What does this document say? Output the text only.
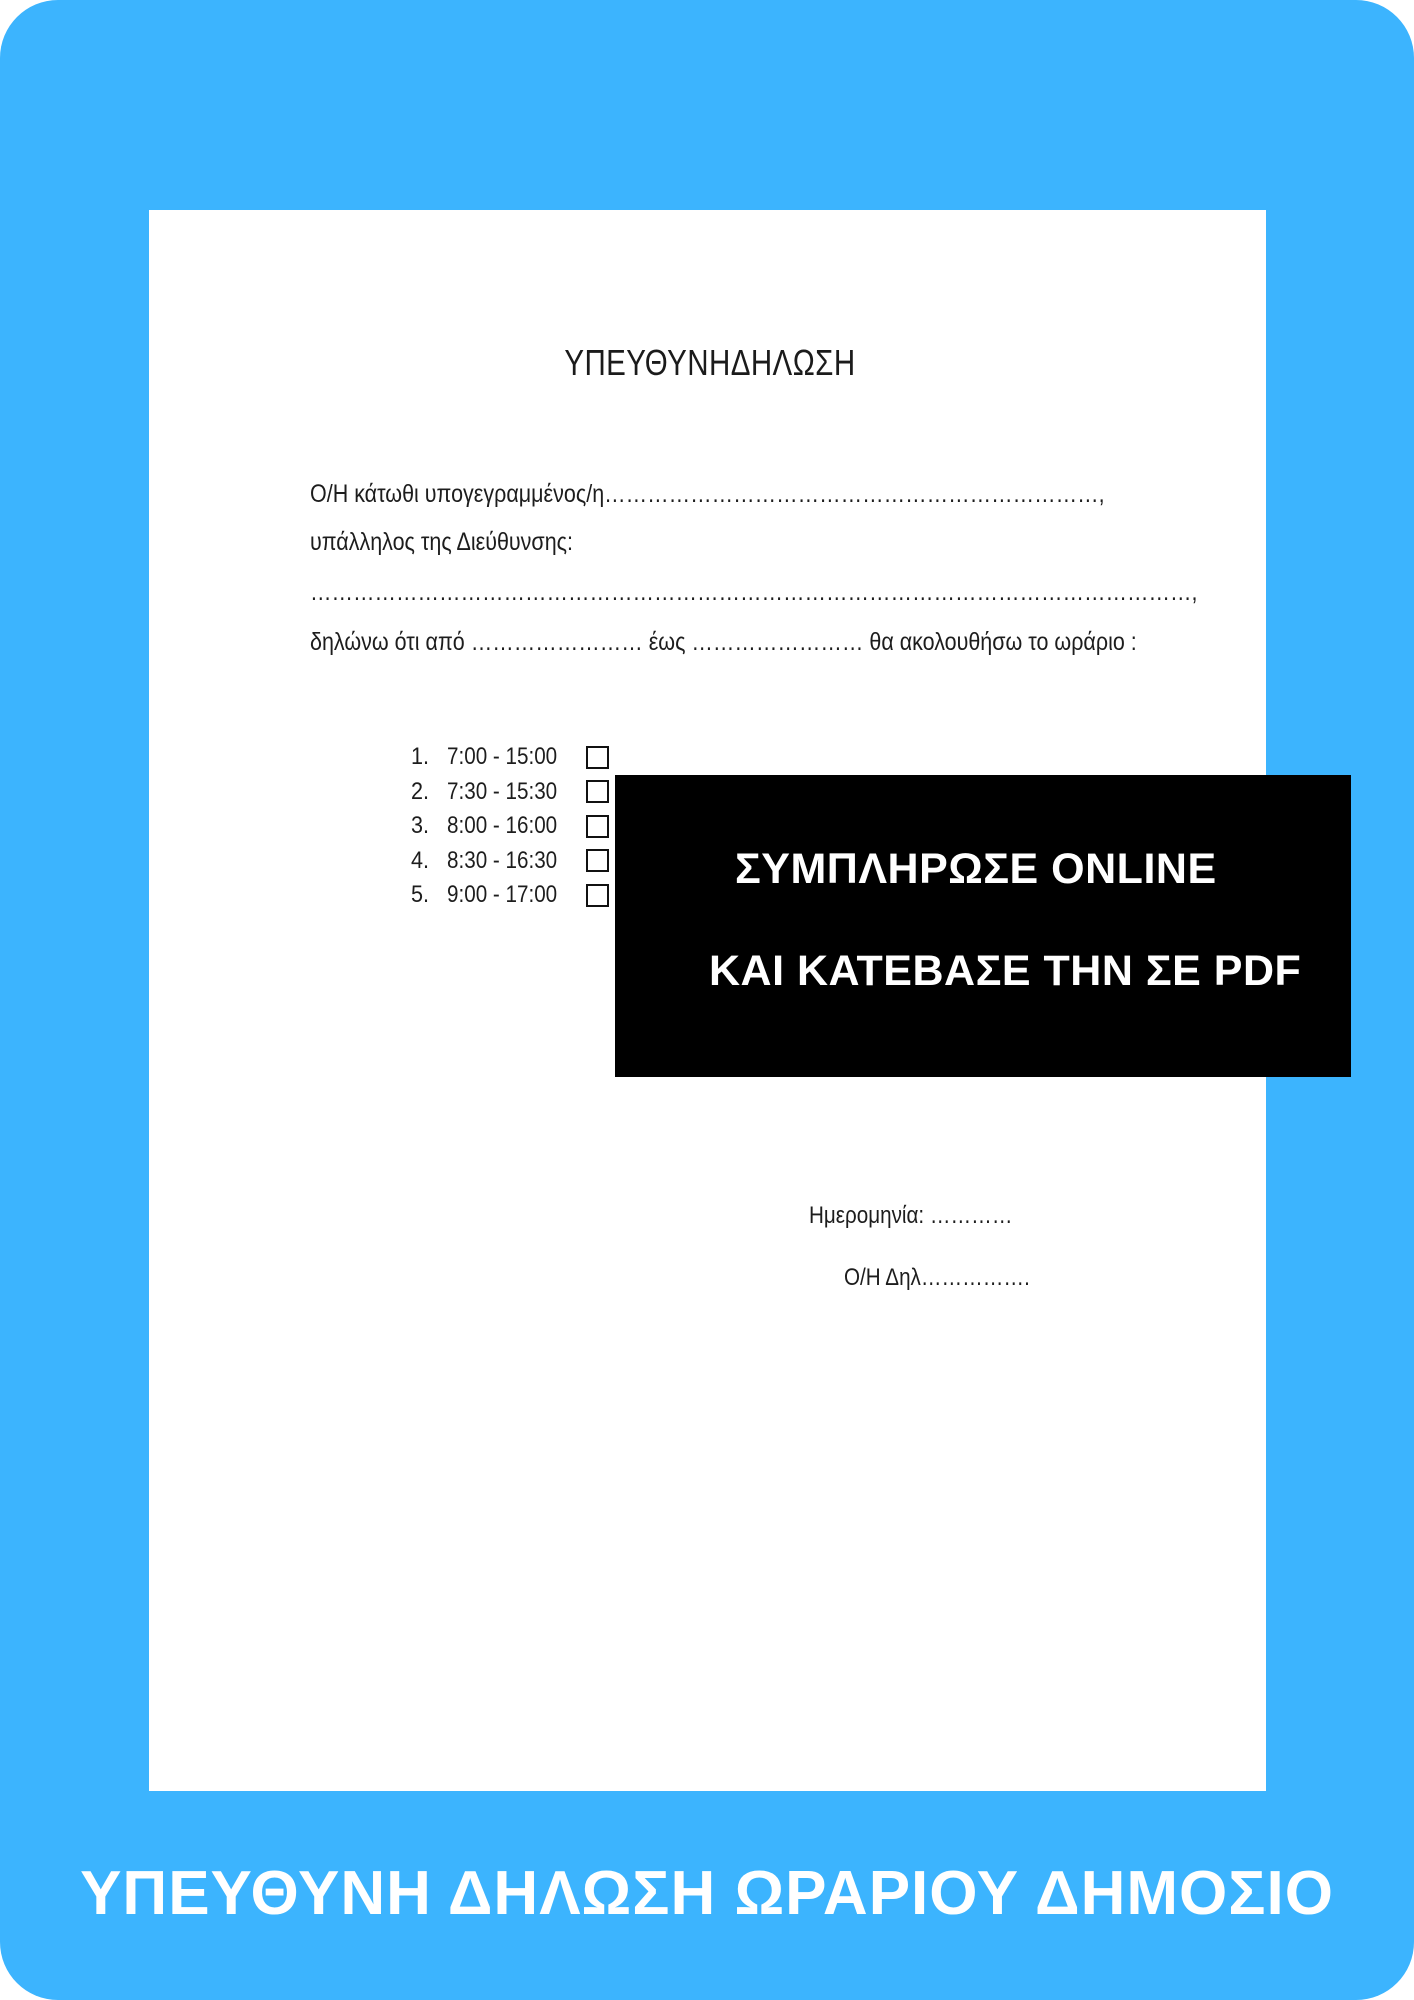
ΥΠΕΥΘΥΝΗΔΗΛΩΣΗ
Ο/Η κάτωθι υπογεγραμμένος/η……………………………………………………………,
υπάλληλος της Διεύθυνσης:
……………………………………………………………………………………………………………,
δηλώνω ότι από …………………… έως …………………… θα ακολουθήσω το ωράριο :
1. 7:00 - 15:00
2. 7:30 - 15:30
3. 8:00 - 16:00
4. 8:30 - 16:30
5. 9:00 - 17:00
Ημερομηνία: …………
Ο/Η Δηλ…………….
ΣΥΜΠΛΗΡΩΣΕ ONLINE
ΚΑΙ ΚΑΤΕΒΑΣΕ ΤΗΝ ΣΕ PDF
ΥΠΕΥΘΥΝΗ ΔΗΛΩΣΗ ΩΡΑΡΙΟΥ ΔΗΜΟΣΙΟ
